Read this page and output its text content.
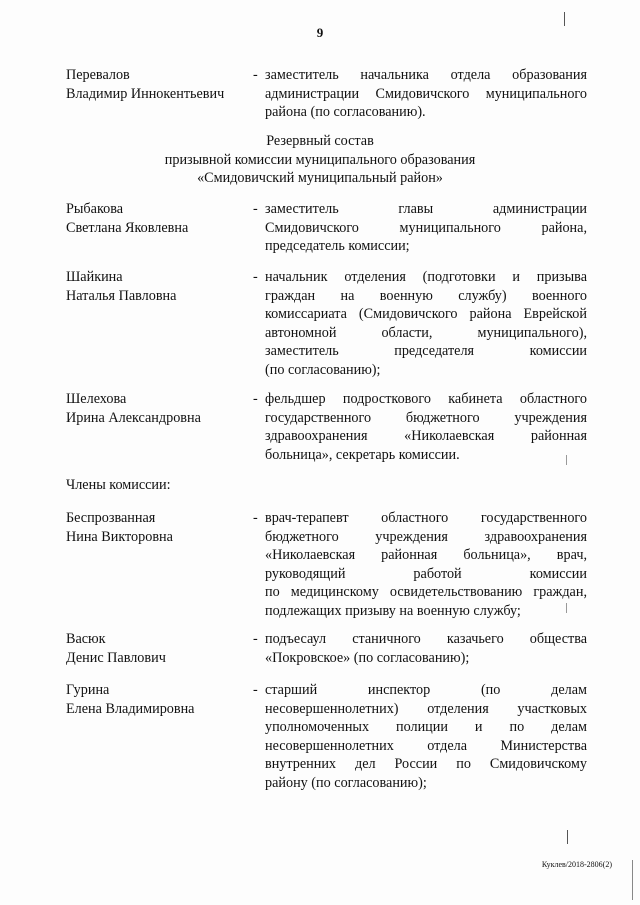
9
Перевалов
Владимир Иннокентьевич
- заместитель начальника отдела образования
администрации Смидовичского муниципального
района (по согласованию).
Резервный состав
призывной комиссии муниципального образования
«Смидовичский муниципальный район»
Рыбакова
Светлана Яковлевна
- заместитель главы администрации
Смидовичского муниципального района,
председатель комиссии;
Шайкина
Наталья Павловна
- начальник отделения (подготовки и призыва
граждан на военную службу) военного
комиссариата (Смидовичского района Еврейской
автономной области, муниципального),
заместитель председателя комиссии
(по согласованию);
Шелехова
Ирина Александровна
- фельдшер подросткового кабинета областного
государственного бюджетного учреждения
здравоохранения «Николаевская районная
больница», секретарь комиссии.
Члены комиссии:
Беспрозванная
Нина Викторовна
- врач-терапевт областного государственного
бюджетного учреждения здравоохранения
«Николаевская районная больница», врач,
руководящий работой комиссии
по медицинскому освидетельствованию граждан,
подлежащих призыву на военную службу;
Васюк
Денис Павлович
- подъесаул станичного казачьего общества
«Покровское» (по согласованию);
Гурина
Елена Владимировна
- старший инспектор (по делам
несовершеннолетних) отделения участковых
уполномоченных полиции и по делам
несовершеннолетних отдела Министерства
внутренних дел России по Смидовичскому
району (по согласованию);
Куклев/2018-2806(2)
